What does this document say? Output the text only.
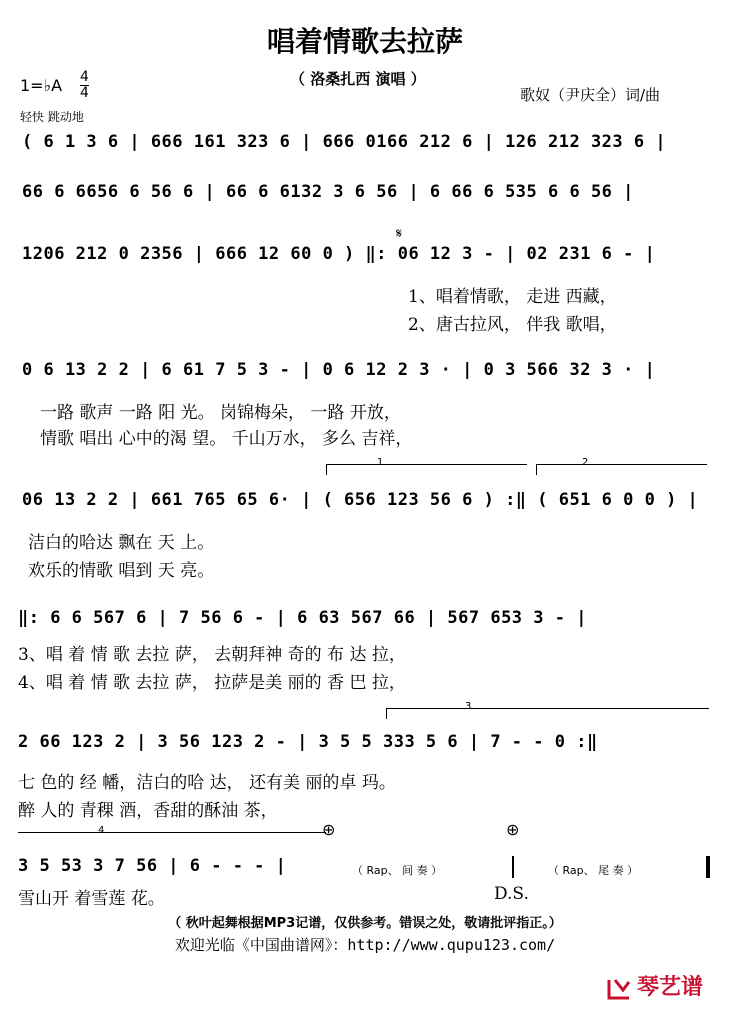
唱着情歌去拉萨
（ 洛桑扎西 演唱 ）
歌奴（尹庆全）词/曲
1=♭A 4
4
轻快 跳动地
( 6 1 3 6 | 666 161 323 6 | 666 0166 212 6 | 126 212 323 6 |
66 6 6656 6 56 6 | 66 6 6132 3 6 56 | 6 66 6 535 6 6 56 |
𝄋
1206 212 0 2356 | 666 12 60 0 ) ‖: 06 12 3 - | 02 231 6 - |
1、唱着情歌， 走进 西藏，
2、唐古拉风， 伴我 歌唱，
0 6 13 2 2 | 6 61 7 5 3 - | 0 6 12 2 3 · | 0 3 566 32 3 · |
一路 歌声 一路 阳 光。 岗锦梅朵， 一路 开放，
情歌 唱出 心中的渴 望。 千山万水， 多么 吉祥，
1	2
06 13 2 2 | 661 765 65 6· | ( 656 123 56 6 ) :‖ ( 651 6 0 0 ) |
洁白的哈达 飘在 天 上。
欢乐的情歌 唱到 天 亮。
‖: 6 6 567 6 | 7 56 6 - | 6 63 567 66 | 567 653 3 - |
3、唱 着 情 歌 去拉 萨， 去朝拜神 奇的 布 达 拉，
4、唱 着 情 歌 去拉 萨， 拉萨是美 丽的 香 巴 拉，
3
2 66 123 2 | 3 56 123 2 - | 3 5 5 333 5 6 | 7 - - 0 :‖
七 色的 经 幡，洁白的哈 达， 还有美 丽的卓 玛。
醉 人的 青稞 酒，香甜的酥油 茶，
4	⊕	⊕
3 5 53 3 7 56 | 6 - - - |	（ Rap、 间 奏 ）	（ Rap、 尾 奏 ）
雪山开 着雪莲 花。	D.S.
（ 秋叶起舞根据MP3记谱，仅供参考。错误之处，敬请批评指正。）
欢迎光临《中国曲谱网》：http://www.qupu123.com/
琴艺谱
